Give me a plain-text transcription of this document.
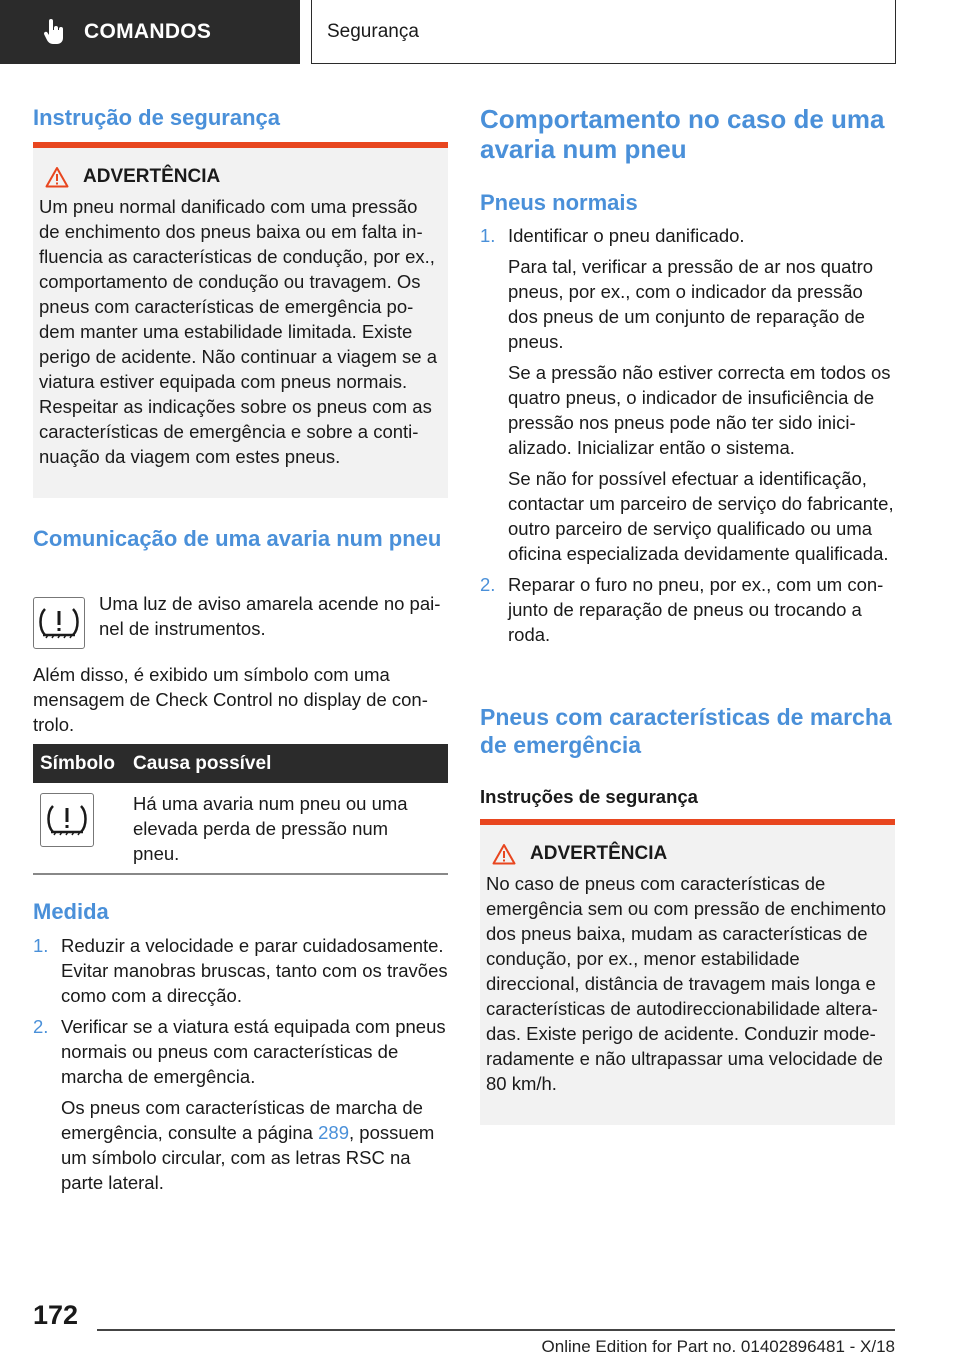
COMANDOS	Segurança
Instrução de segurança
ADVERTÊNCIA

Um pneu normal danificado com uma pressão de enchimento dos pneus baixa ou em falta influencia as características de condução, por ex., comportamento de condução ou travagem. Os pneus com características de emergência podem manter uma estabilidade limitada. Existe perigo de acidente. Não continuar a viagem se a viatura estiver equipada com pneus normais. Respeitar as indicações sobre os pneus com as características de emergência e sobre a continuação da viagem com estes pneus.

Comunicação de uma avaria num pneu

Uma luz de aviso amarela acende no painel de instrumentos.

Além disso, é exibido um símbolo com uma mensagem de Check Control no display de controlo.

Símbolo Causa possível

Há uma avaria num pneu ou uma elevada perda de pressão num pneu.

Medida
1. Reduzir a velocidade e parar cuidadosamente. Evitar manobras bruscas, tanto com os travões como com a direcção.

2. Verificar se a viatura está equipada com pneus normais ou pneus com características de marcha de emergência.

Os pneus com características de marcha de emergência, consulte a página 289, possuem um símbolo circular, com as letras RSC na parte lateral.

Comportamento no caso de uma avaria num pneu
Pneus normais
1. Identificar o pneu danificado.

Para tal, verificar a pressão de ar nos quatro pneus, por ex., com o indicador da pressão dos pneus de um conjunto de reparação de pneus.

Se a pressão não estiver correcta em todos os quatro pneus, o indicador de insuficiência de pressão nos pneus pode não ter sido inicializado. Inicializar então o sistema.

Se não for possível efectuar a identificação, contactar um parceiro de serviço do fabricante, outro parceiro de serviço qualificado ou uma oficina especializada devidamente qualificada.

2. Reparar o furo no pneu, por ex., com um conjunto de reparação de pneus ou trocando a roda.

Pneus com características de marcha de emergência
Instruções de segurança
ADVERTÊNCIA

No caso de pneus com características de emergência sem ou com pressão de enchimento dos pneus baixa, mudam as características de condução, por ex., menor estabilidade direccional, distância de travagem mais longa e características de autodireccionabilidade alteradas. Existe perigo de acidente. Conduzir moderadamente e não ultrapassar uma velocidade de 80 km/h.

172
Online Edition for Part no. 01402896481 - X/18
